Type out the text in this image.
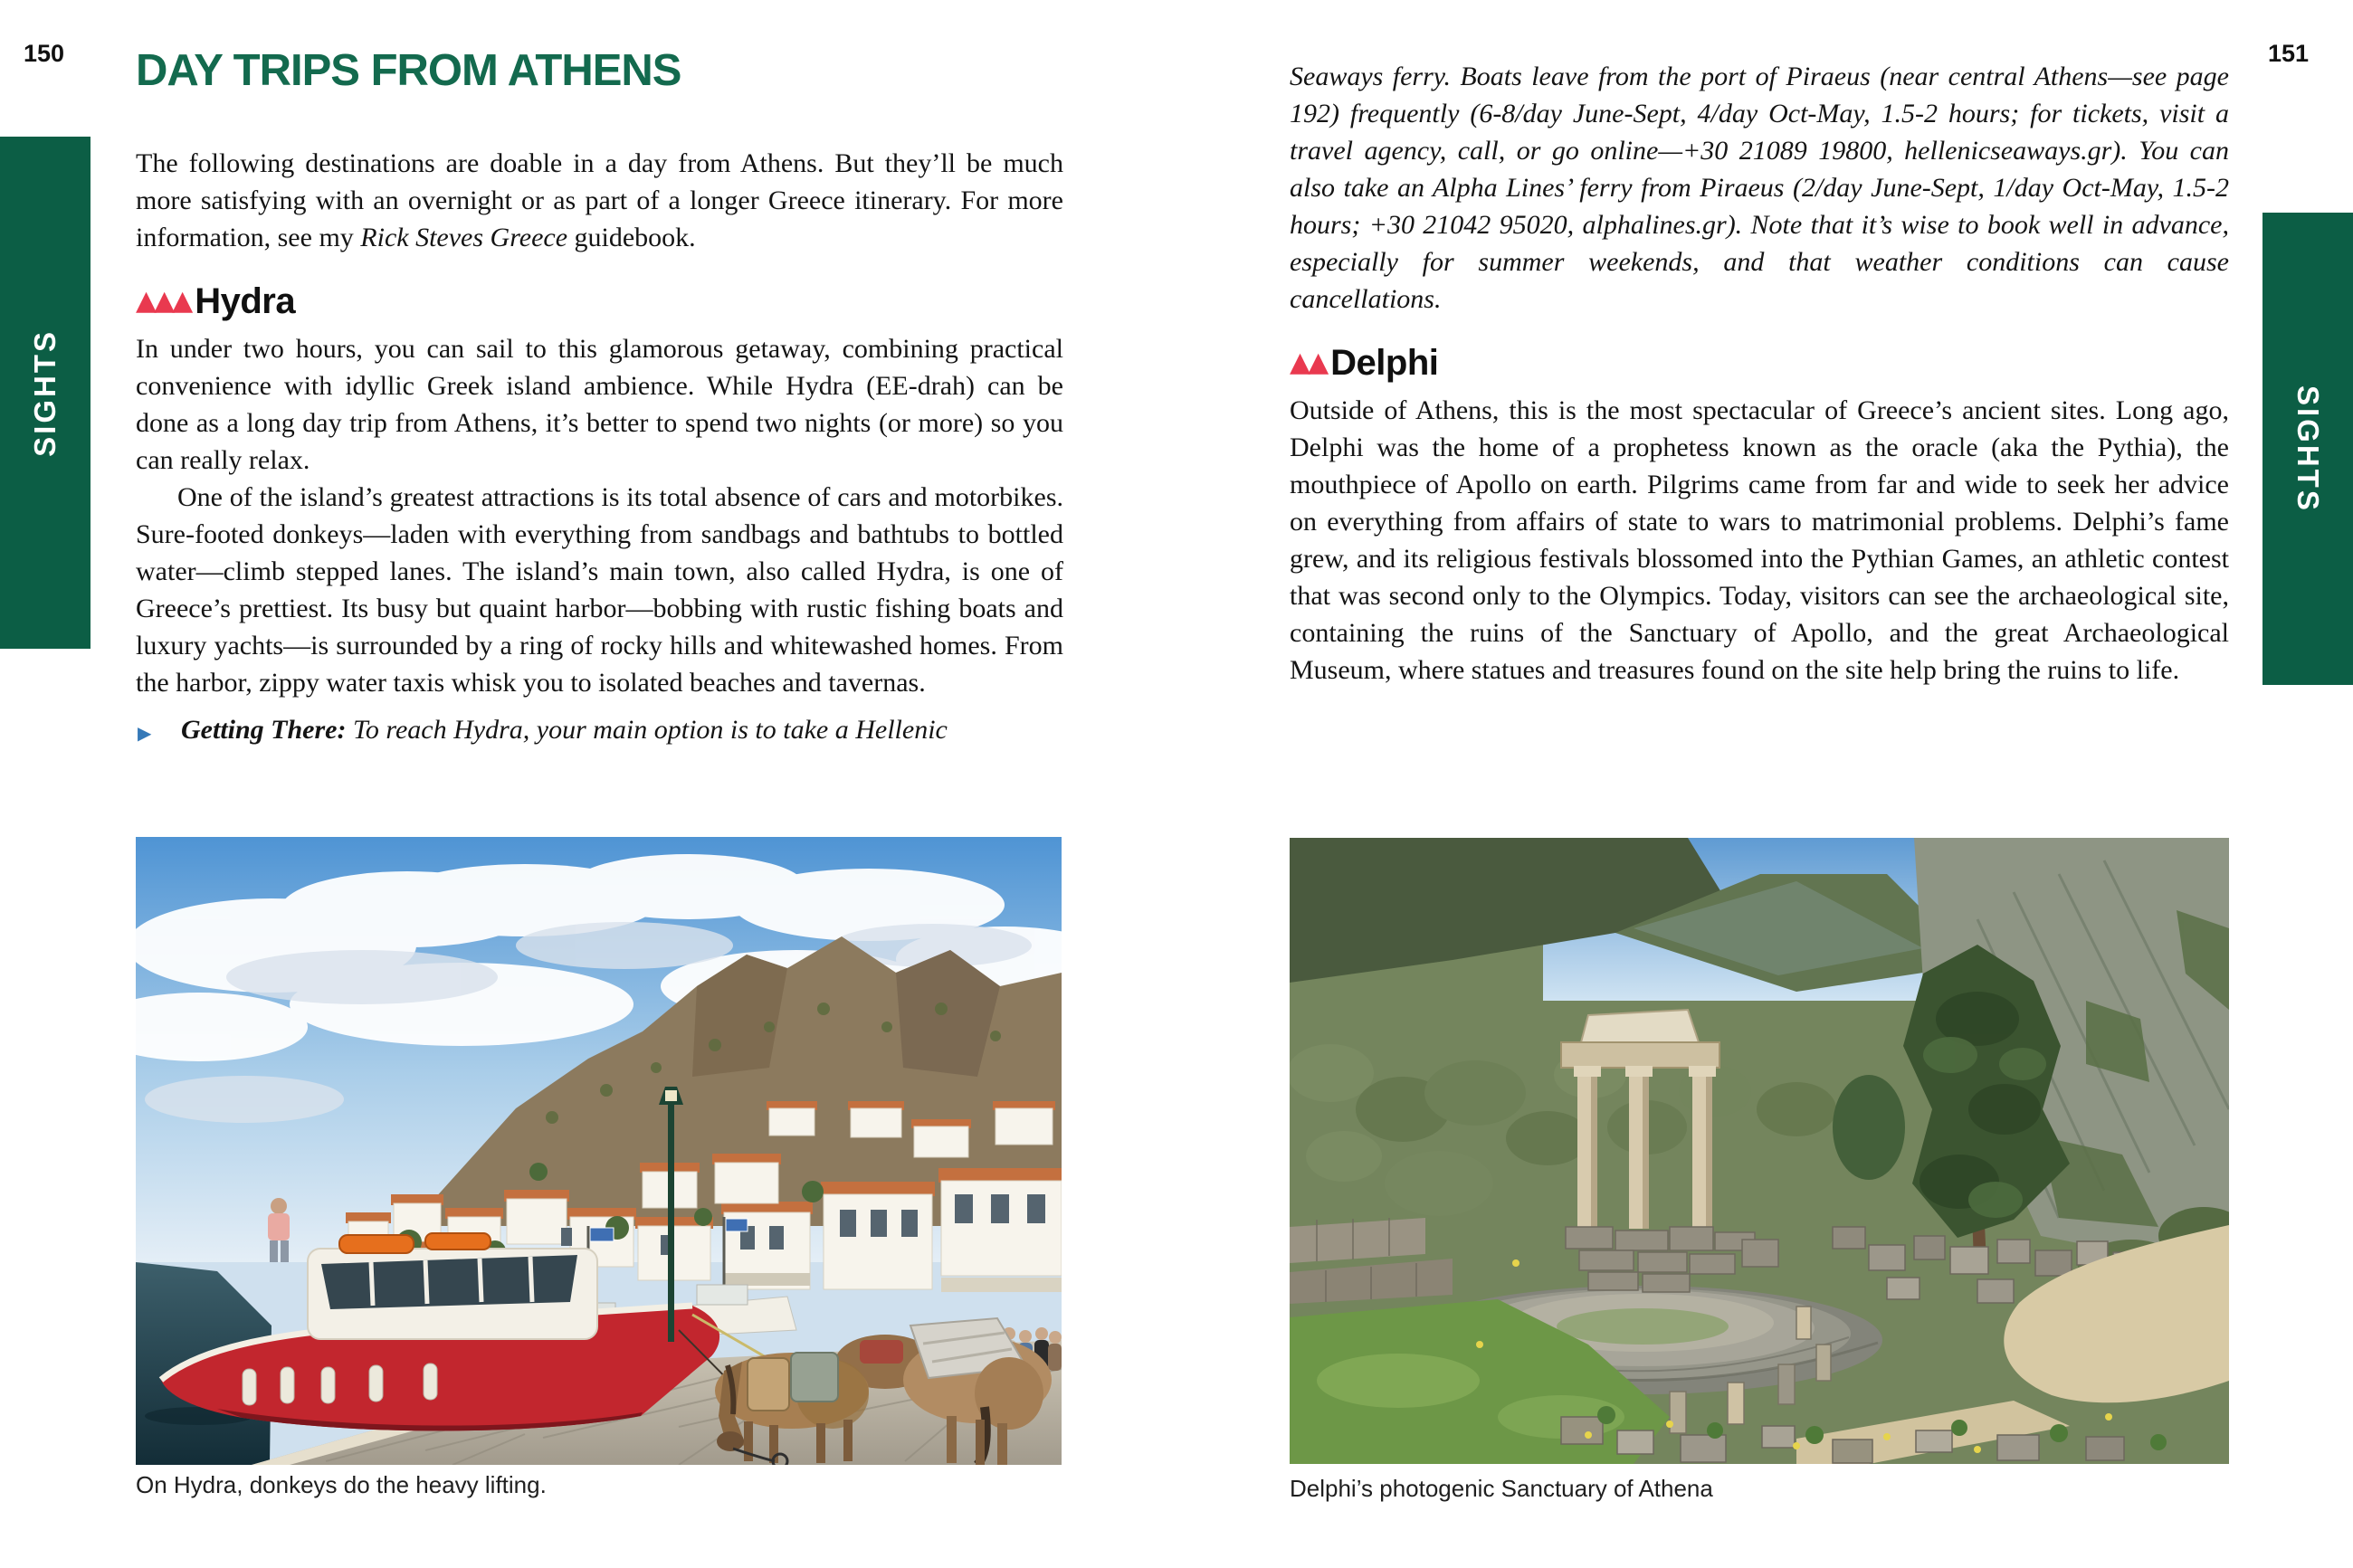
150	151
DAY TRIPS FROM ATHENS
SIGHTS	SIGHTS

The following destinations are doable in a day from Athens. But they’ll be much more satisfying with an overnight or as part of a longer Greece itinerary. For more information, see my Rick Steves Greece guidebook.

▲▲▲ Hydra

In under two hours, you can sail to this glamorous getaway, combining practical convenience with idyllic Greek island ambience. While Hydra (EE-drah) can be done as a long day trip from Athens, it’s better to spend two nights (or more) so you can really relax.

One of the island’s greatest attractions is its total absence of cars and motorbikes. Sure-footed donkeys—laden with everything from sandbags and bathtubs to bottled water—climb stepped lanes. The island’s main town, also called Hydra, is one of Greece’s prettiest. Its busy but quaint harbor—bobbing with rustic fishing boats and luxury yachts—is surrounded by a ring of rocky hills and whitewashed homes. From the harbor, zippy water taxis whisk you to isolated beaches and tavernas.

▶ Getting There: To reach Hydra, your main option is to take a Hellenic

Seaways ferry. Boats leave from the port of Piraeus (near central Athens—see page 192) frequently (6-8/day June-Sept, 4/day Oct-May, 1.5-2 hours; for tickets, visit a travel agency, call, or go online—+30 21089 19800, hellenicseaways.gr). You can also take an Alpha Lines’ ferry from Piraeus (2/day June-Sept, 1/day Oct-May, 1.5-2 hours; +30 21042 95020, alphalines.gr). Note that it’s wise to book well in advance, especially for summer weekends, and that weather conditions can cause cancellations.

▲▲ Delphi

Outside of Athens, this is the most spectacular of Greece’s ancient sites. Long ago, Delphi was the home of a prophetess known as the oracle (aka the Pythia), the mouthpiece of Apollo on earth. Pilgrims came from far and wide to seek her advice on everything from affairs of state to wars to matrimonial problems. Delphi’s fame grew, and its religious festivals blossomed into the Pythian Games, an athletic contest that was second only to the Olympics. Today, visitors can see the archaeological site, containing the ruins of the Sanctuary of Apollo, and the great Archaeological Museum, where statues and treasures found on the site help bring the ruins to life.

On Hydra, donkeys do the heavy lifting.	Delphi’s photogenic Sanctuary of Athena
